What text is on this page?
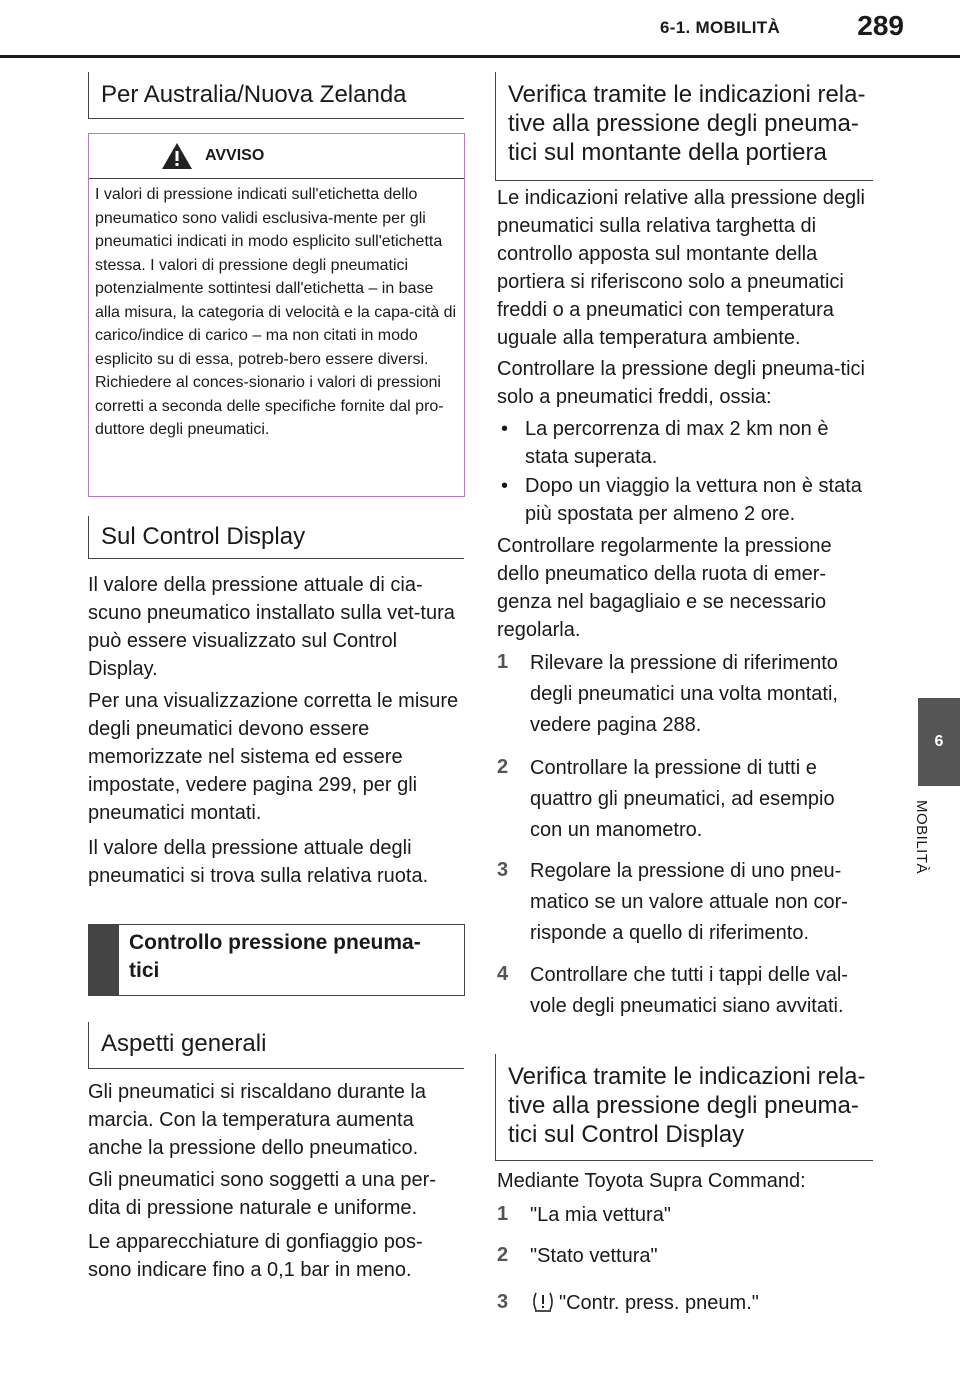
6-1. MOBILITÀ	289
6
MOBILITÀ
Per Australia/Nuova Zelanda
AVVISO

I valori di pressione indicati sull'etichetta dello pneumatico sono validi esclusiva-mente per gli pneumatici indicati in modo esplicito sull'etichetta stessa. I valori di pressione degli pneumatici potenzialmente sottintesi dall'etichetta – in base alla misura, la categoria di velocità e la capa-cità di carico/indice di carico – ma non citati in modo esplicito su di essa, potreb-bero essere diversi. Richiedere al conces-sionario i valori di pressioni corretti a seconda delle specifiche fornite dal pro-duttore degli pneumatici.

Sul Control Display

Il valore della pressione attuale di cia-scuno pneumatico installato sulla vet-tura può essere visualizzato sul Control Display.

Per una visualizzazione corretta le misure degli pneumatici devono essere memorizzate nel sistema ed essere impostate, vedere pagina 299, per gli pneumatici montati.

Il valore della pressione attuale degli pneumatici si trova sulla relativa ruota.

Controllo pressione pneuma-tici
Aspetti generali

Gli pneumatici si riscaldano durante la marcia. Con la temperatura aumenta anche la pressione dello pneumatico.

Gli pneumatici sono soggetti a una per-dita di pressione naturale e uniforme.

Le apparecchiature di gonfiaggio pos-sono indicare fino a 0,1 bar in meno.

Verifica tramite le indicazioni rela-tive alla pressione degli pneuma-tici sul montante della portiera

Le indicazioni relative alla pressione degli pneumatici sulla relativa targhetta di controllo apposta sul montante della portiera si riferiscono solo a pneumatici freddi o a pneumatici con temperatura uguale alla temperatura ambiente.

Controllare la pressione degli pneuma-tici solo a pneumatici freddi, ossia:

• La percorrenza di max 2 km non è stata superata.
• Dopo un viaggio la vettura non è stata più spostata per almeno 2 ore.

Controllare regolarmente la pressione dello pneumatico della ruota di emer-genza nel bagagliaio e se necessario regolarla.

1 Rilevare la pressione di riferimento degli pneumatici una volta montati, vedere pagina 288.
2 Controllare la pressione di tutti e quattro gli pneumatici, ad esempio con un manometro.
3 Regolare la pressione di uno pneu-matico se un valore attuale non cor-risponde a quello di riferimento.
4 Controllare che tutti i tappi delle val-vole degli pneumatici siano avvitati.
Verifica tramite le indicazioni rela-tive alla pressione degli pneuma-tici sul Control Display

Mediante Toyota Supra Command:

1 "La mia vettura"
2 "Stato vettura"
3	"Contr. press. pneum."
